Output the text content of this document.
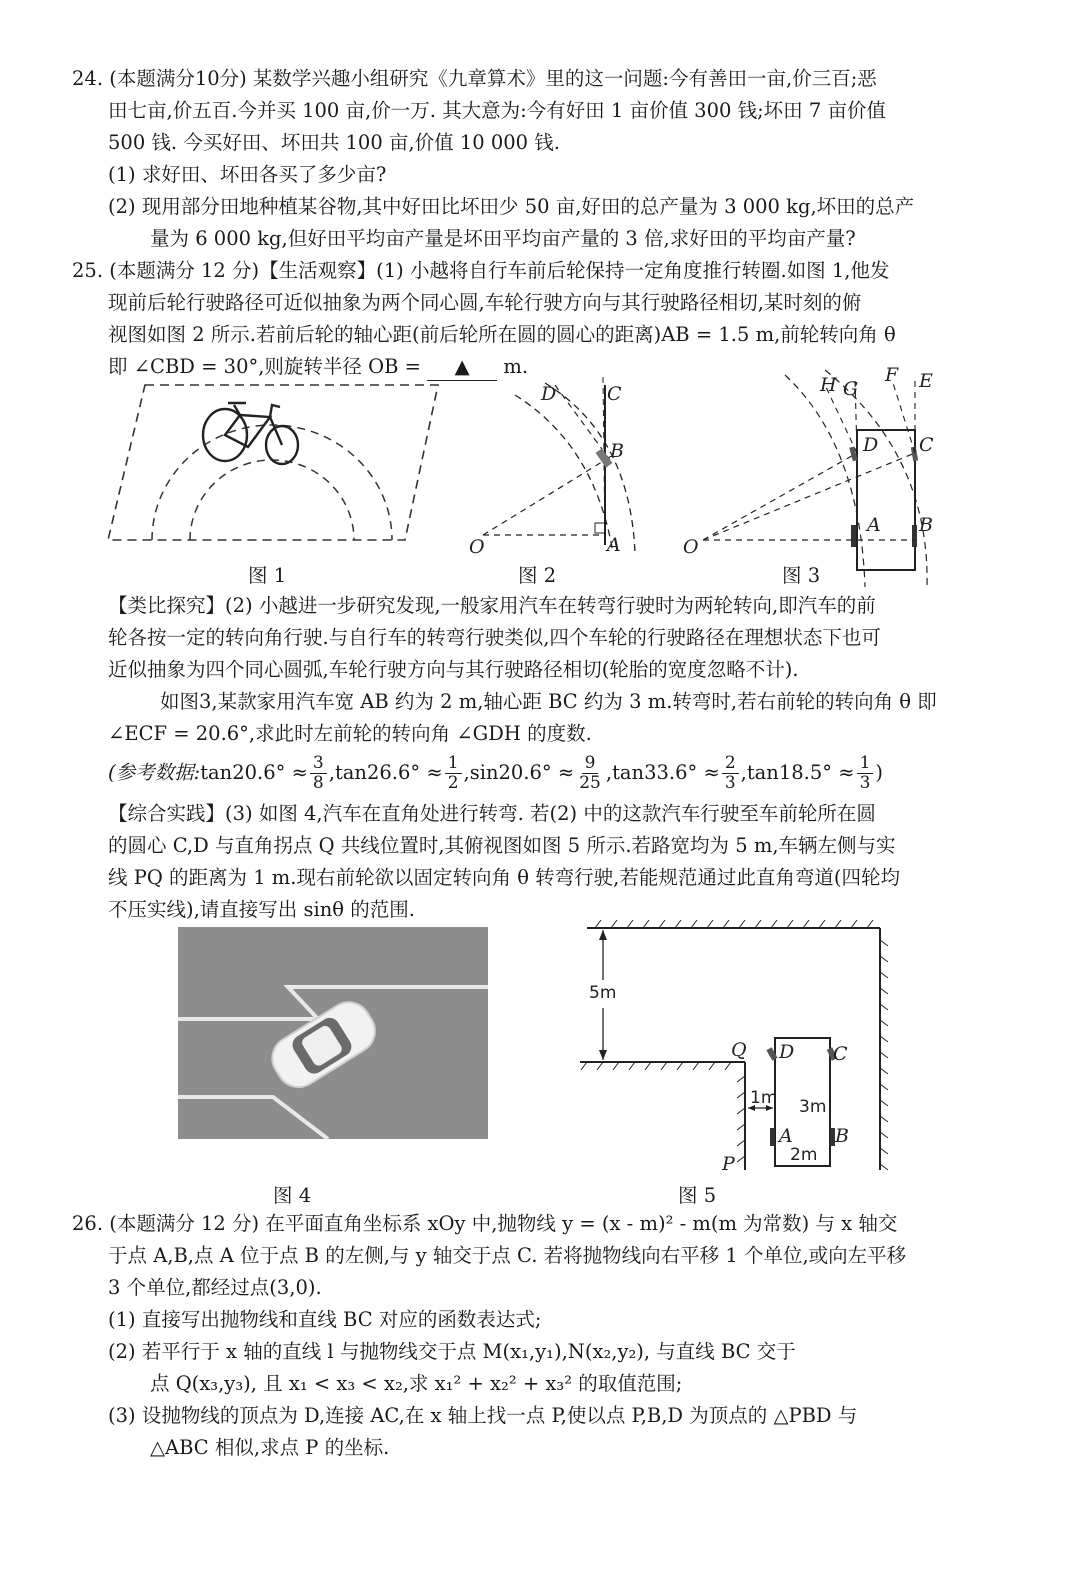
24. (本题满分10分) 某数学兴趣小组研究《九章算术》里的这一问题:今有善田一亩,价三百;恶
田七亩,价五百.今并买 100 亩,价一万. 其大意为:今有好田 1 亩价值 300 钱;坏田 7 亩价值
500 钱. 今买好田、坏田共 100 亩,价值 10 000 钱.
(1) 求好田、坏田各买了多少亩?
(2) 现用部分田地种植某谷物,其中好田比坏田少 50 亩,好田的总产量为 3 000 kg,坏田的总产
量为 6 000 kg,但好田平均亩产量是坏田平均亩产量的 3 倍,求好田的平均亩产量?
25. (本题满分 12 分)【生活观察】(1) 小越将自行车前后轮保持一定角度推行转圈.如图 1,他发
现前后轮行驶路径可近似抽象为两个同心圆,车轮行驶方向与其行驶路径相切,某时刻的俯
视图如图 2 所示.若前后轮的轴心距(前后轮所在圆的圆心的距离)AB = 1.5 m,前轮转向角 θ
即 ∠CBD = 30°,则旋转半径 OB = ▲ m.
D	C
B
O	A
H G
F E
D C
A B
O
图 1	图 2	图 3
【类比探究】(2) 小越进一步研究发现,一般家用汽车在转弯行驶时为两轮转向,即汽车的前
轮各按一定的转向角行驶.与自行车的转弯行驶类似,四个车轮的行驶路径在理想状态下也可
近似抽象为四个同心圆弧,车轮行驶方向与其行驶路径相切(轮胎的宽度忽略不计).
如图3,某款家用汽车宽 AB 约为 2 m,轴心距 BC 约为 3 m.转弯时,若右前轮的转向角 θ 即
∠ECF = 20.6°,求此时左前轮的转向角 ∠GDH 的度数.
(参考数据:tan20.6° ≈ $\frac{3}{8} ,\tan 26.6^\circ \approx \frac{1}{2} ,\sin 20.6^\circ \approx \frac{9}{25} ,\tan 33.6^\circ \approx \frac{2}{3} ,\tan 18.5^\circ \approx \frac{1}{3}$ )
【综合实践】(3) 如图 4,汽车在直角处进行转弯. 若(2) 中的这款汽车行驶至车前轮所在圆
的圆心 C,D 与直角拐点 Q 共线位置时,其俯视图如图 5 所示.若路宽均为 5 m,车辆左侧与实
线 PQ 的距离为 1 m.现右前轮欲以固定转向角 θ 转弯行驶,若能规范通过此直角弯道(四轮均
不压实线),请直接写出 sinθ 的范围.
5m
1m 3m
2m
Q D C
A B
P
图 4	图 5
26. (本题满分 12 分) 在平面直角坐标系 xOy 中,抛物线 y = (x - m)² - m(m 为常数) 与 x 轴交
于点 A,B,点 A 位于点 B 的左侧,与 y 轴交于点 C. 若将抛物线向右平移 1 个单位,或向左平移
3 个单位,都经过点(3,0).
(1) 直接写出抛物线和直线 BC 对应的函数表达式;
(2) 若平行于 x 轴的直线 l 与抛物线交于点 M(x₁,y₁),N(x₂,y₂), 与直线 BC 交于
点 Q(x₃,y₃), 且 x₁ < x₃ < x₂,求 x₁² + x₂² + x₃² 的取值范围;
(3) 设抛物线的顶点为 D,连接 AC,在 x 轴上找一点 P,使以点 P,B,D 为顶点的 △PBD 与
△ABC 相似,求点 P 的坐标.
